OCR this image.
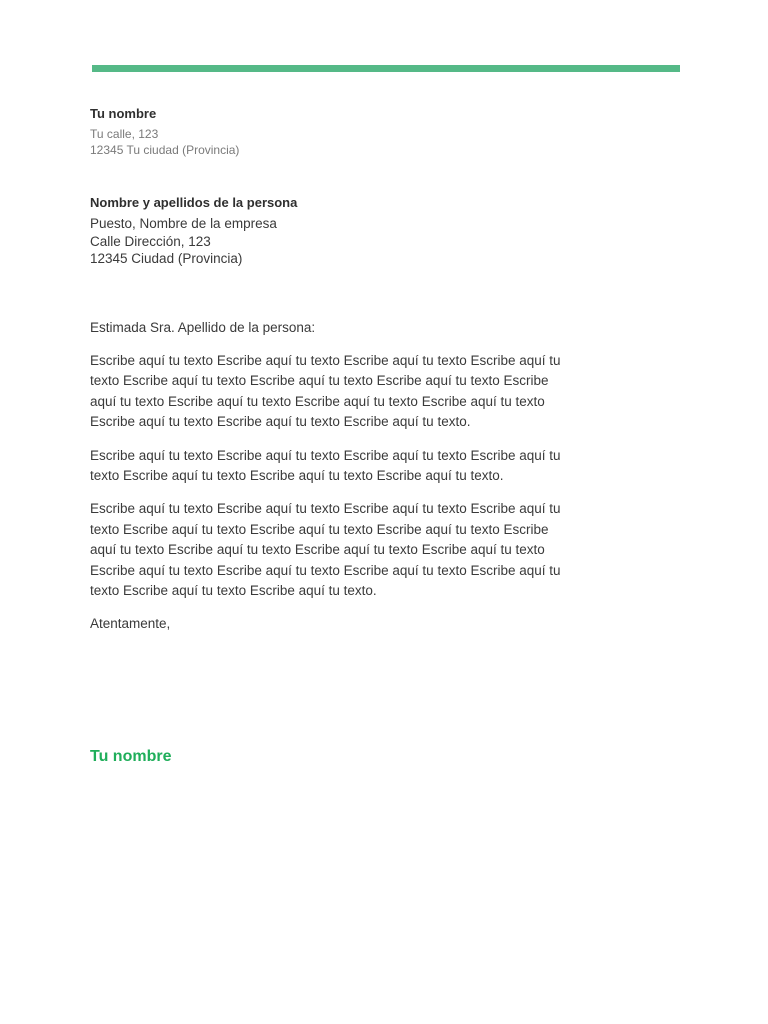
Tu nombre

Tu calle, 123

12345 Tu ciudad (Provincia)

Nombre y apellidos de la persona

Puesto, Nombre de la empresa

Calle Dirección, 123

12345 Ciudad (Provincia)

Estimada Sra. Apellido de la persona:

Escribe aquí tu texto Escribe aquí tu texto Escribe aquí tu texto Escribe aquí tu texto Escribe aquí tu texto Escribe aquí tu texto Escribe aquí tu texto Escribe aquí tu texto Escribe aquí tu texto Escribe aquí tu texto Escribe aquí tu texto Escribe aquí tu texto Escribe aquí tu texto Escribe aquí tu texto.

Escribe aquí tu texto Escribe aquí tu texto Escribe aquí tu texto Escribe aquí tu texto Escribe aquí tu texto Escribe aquí tu texto Escribe aquí tu texto.

Escribe aquí tu texto Escribe aquí tu texto Escribe aquí tu texto Escribe aquí tu texto Escribe aquí tu texto Escribe aquí tu texto Escribe aquí tu texto Escribe aquí tu texto Escribe aquí tu texto Escribe aquí tu texto Escribe aquí tu texto Escribe aquí tu texto Escribe aquí tu texto Escribe aquí tu texto Escribe aquí tu texto Escribe aquí tu texto Escribe aquí tu texto.

Atentamente,

Tu nombre
